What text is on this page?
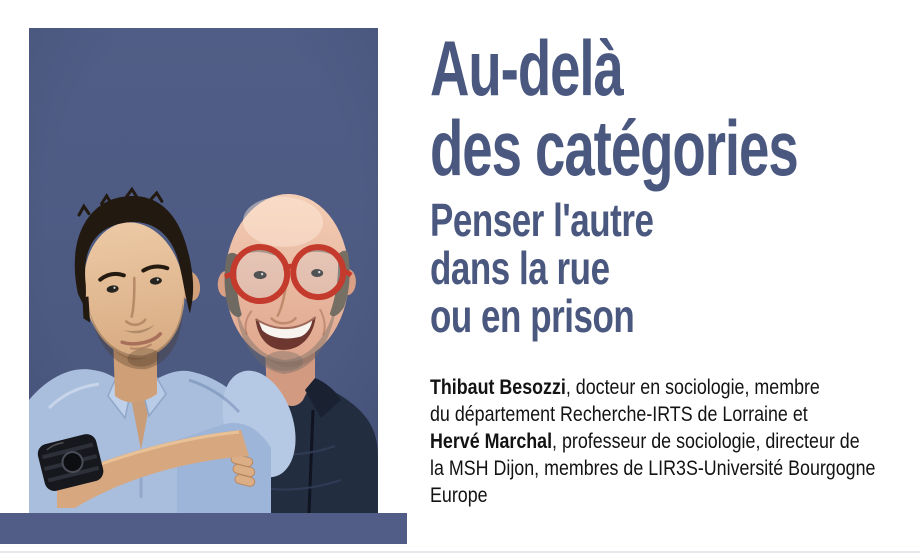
Au-delà
des catégories
Penser l'autre
dans la rue
ou en prison

Thibaut Besozzi, docteur en sociologie, membre
du département Recherche-IRTS de Lorraine et
Hervé Marchal, professeur de sociologie, directeur de
la MSH Dijon, membres de LIR3S-Université Bourgogne
Europe
